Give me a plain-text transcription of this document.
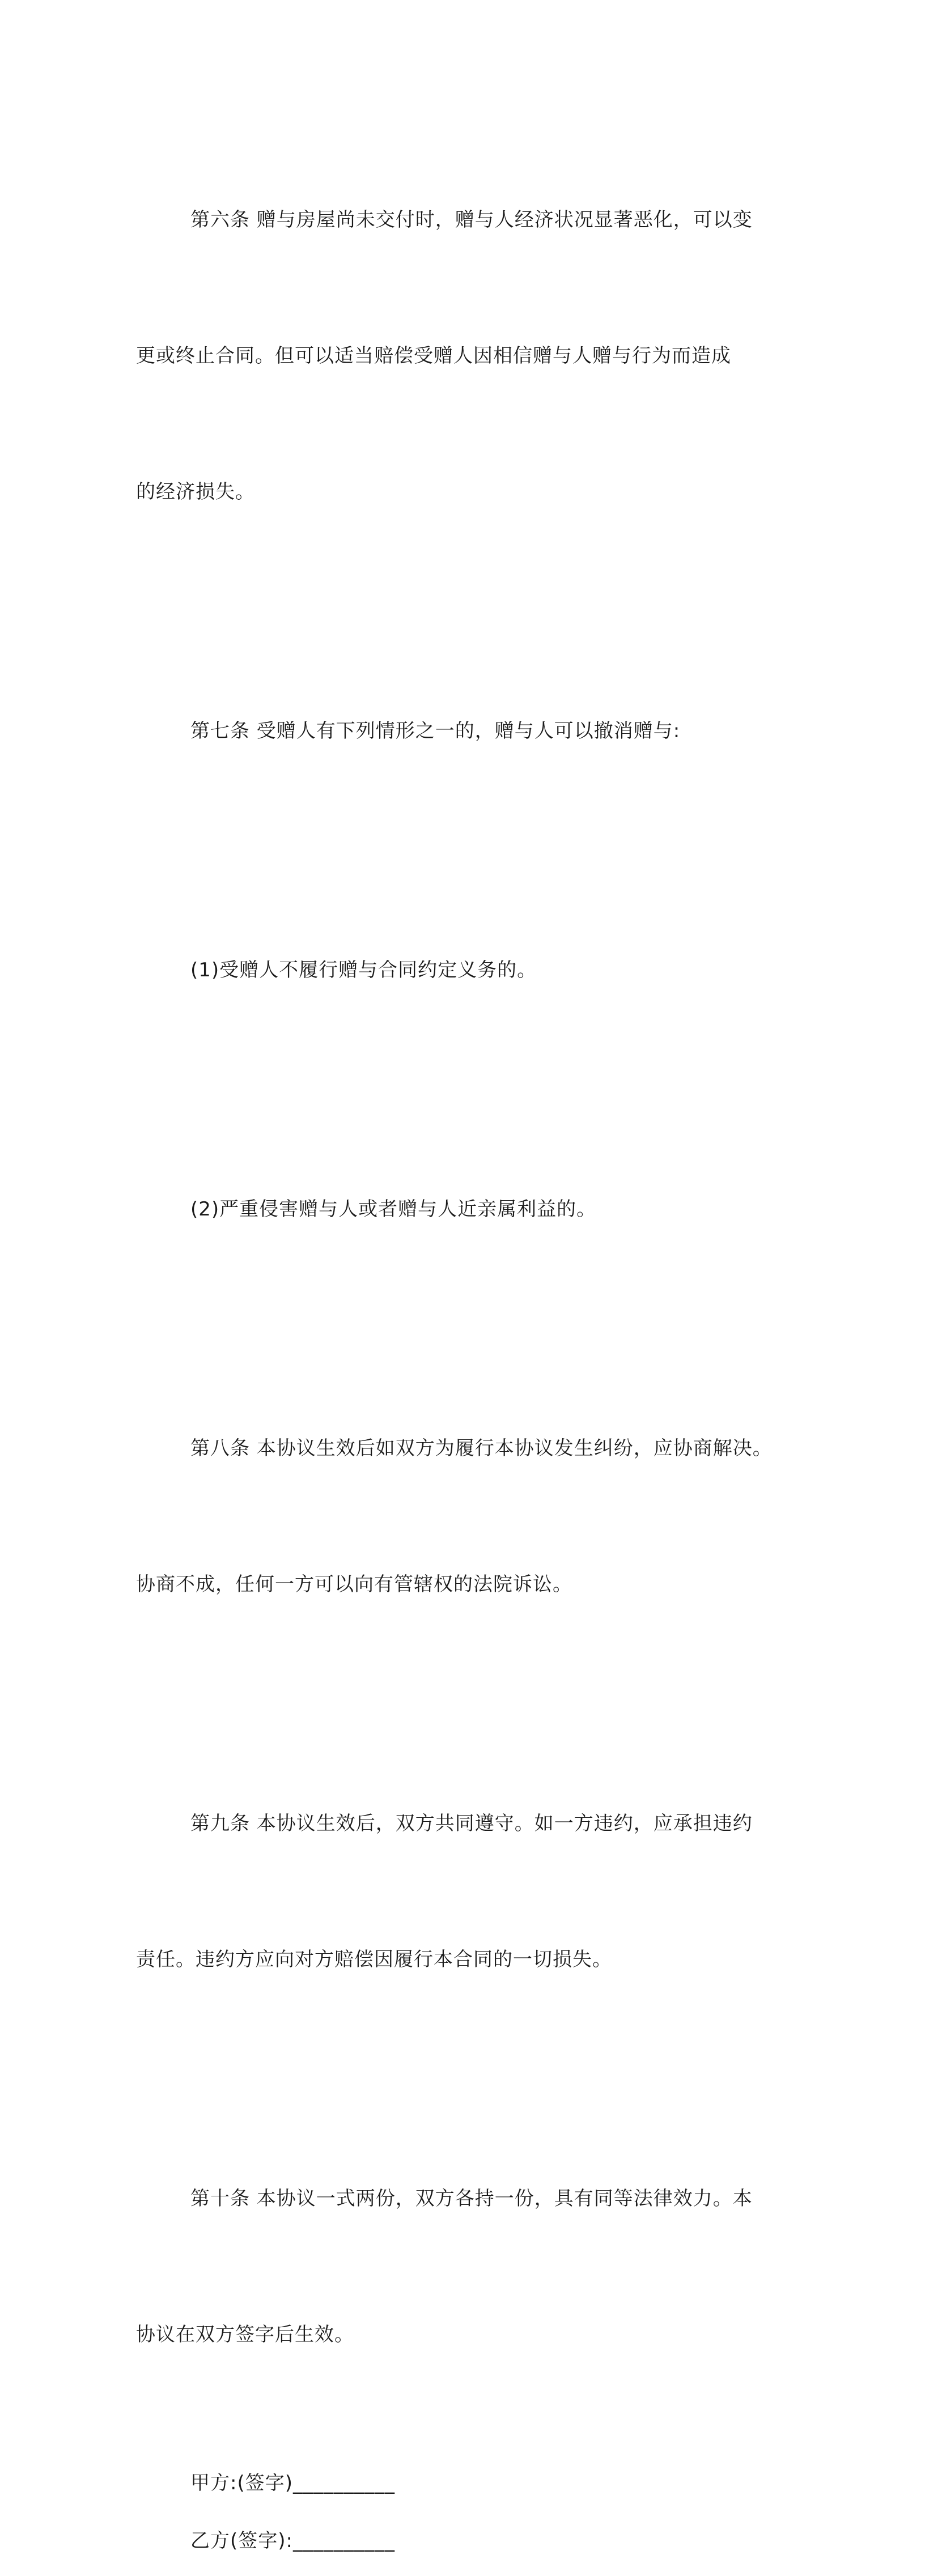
第六条 赠与房屋尚未交付时，赠与人经济状况显著恶化，可以变

更或终止合同。但可以适当赔偿受赠人因相信赠与人赠与行为而造成

的经济损失。

第七条 受赠人有下列情形之一的，赠与人可以撤消赠与:

(1)受赠人不履行赠与合同约定义务的。

(2)严重侵害赠与人或者赠与人近亲属利益的。

第八条 本协议生效后如双方为履行本协议发生纠纷，应协商解决。

协商不成，任何一方可以向有管辖权的法院诉讼。

第九条 本协议生效后，双方共同遵守。如一方违约，应承担违约

责任。违约方应向对方赔偿因履行本合同的一切损失。

第十条 本协议一式两份，双方各持一份，具有同等法律效力。本

协议在双方签字后生效。

甲方:(签字)__________

乙方(签字):__________
